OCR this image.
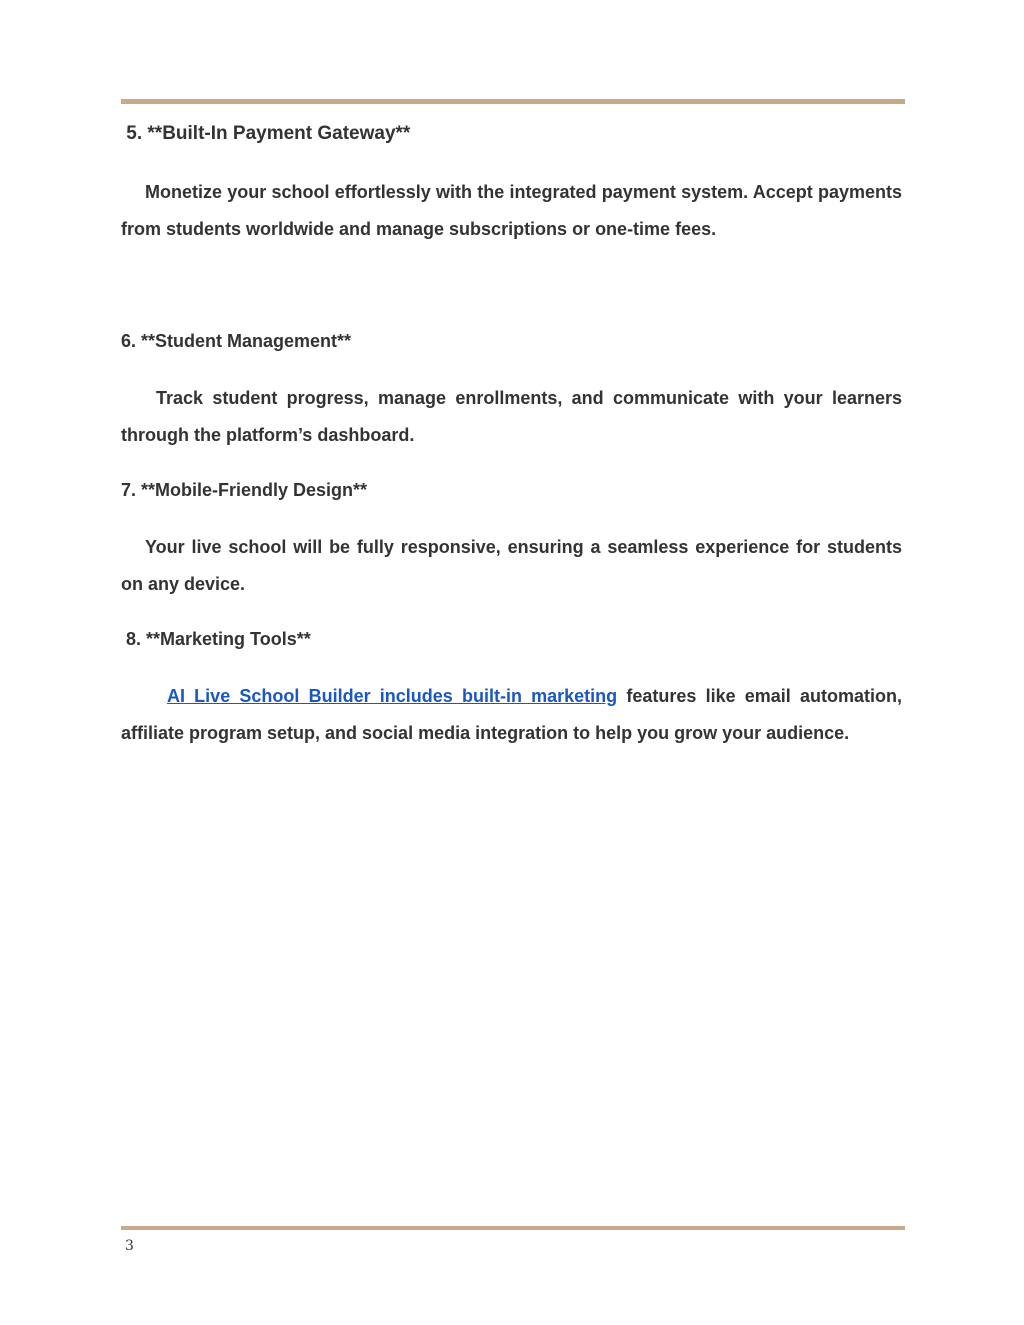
5. **Built-In Payment Gateway**

Monetize your school effortlessly with the integrated payment system. Accept payments from students worldwide and manage subscriptions or one-time fees.

6. **Student Management**

Track student progress, manage enrollments, and communicate with your learners through the platform’s dashboard.

7. **Mobile-Friendly Design**

Your live school will be fully responsive, ensuring a seamless experience for students on any device.

8. **Marketing Tools**

AI Live School Builder includes built-in marketing features like email automation, affiliate program setup, and social media integration to help you grow your audience.

3
